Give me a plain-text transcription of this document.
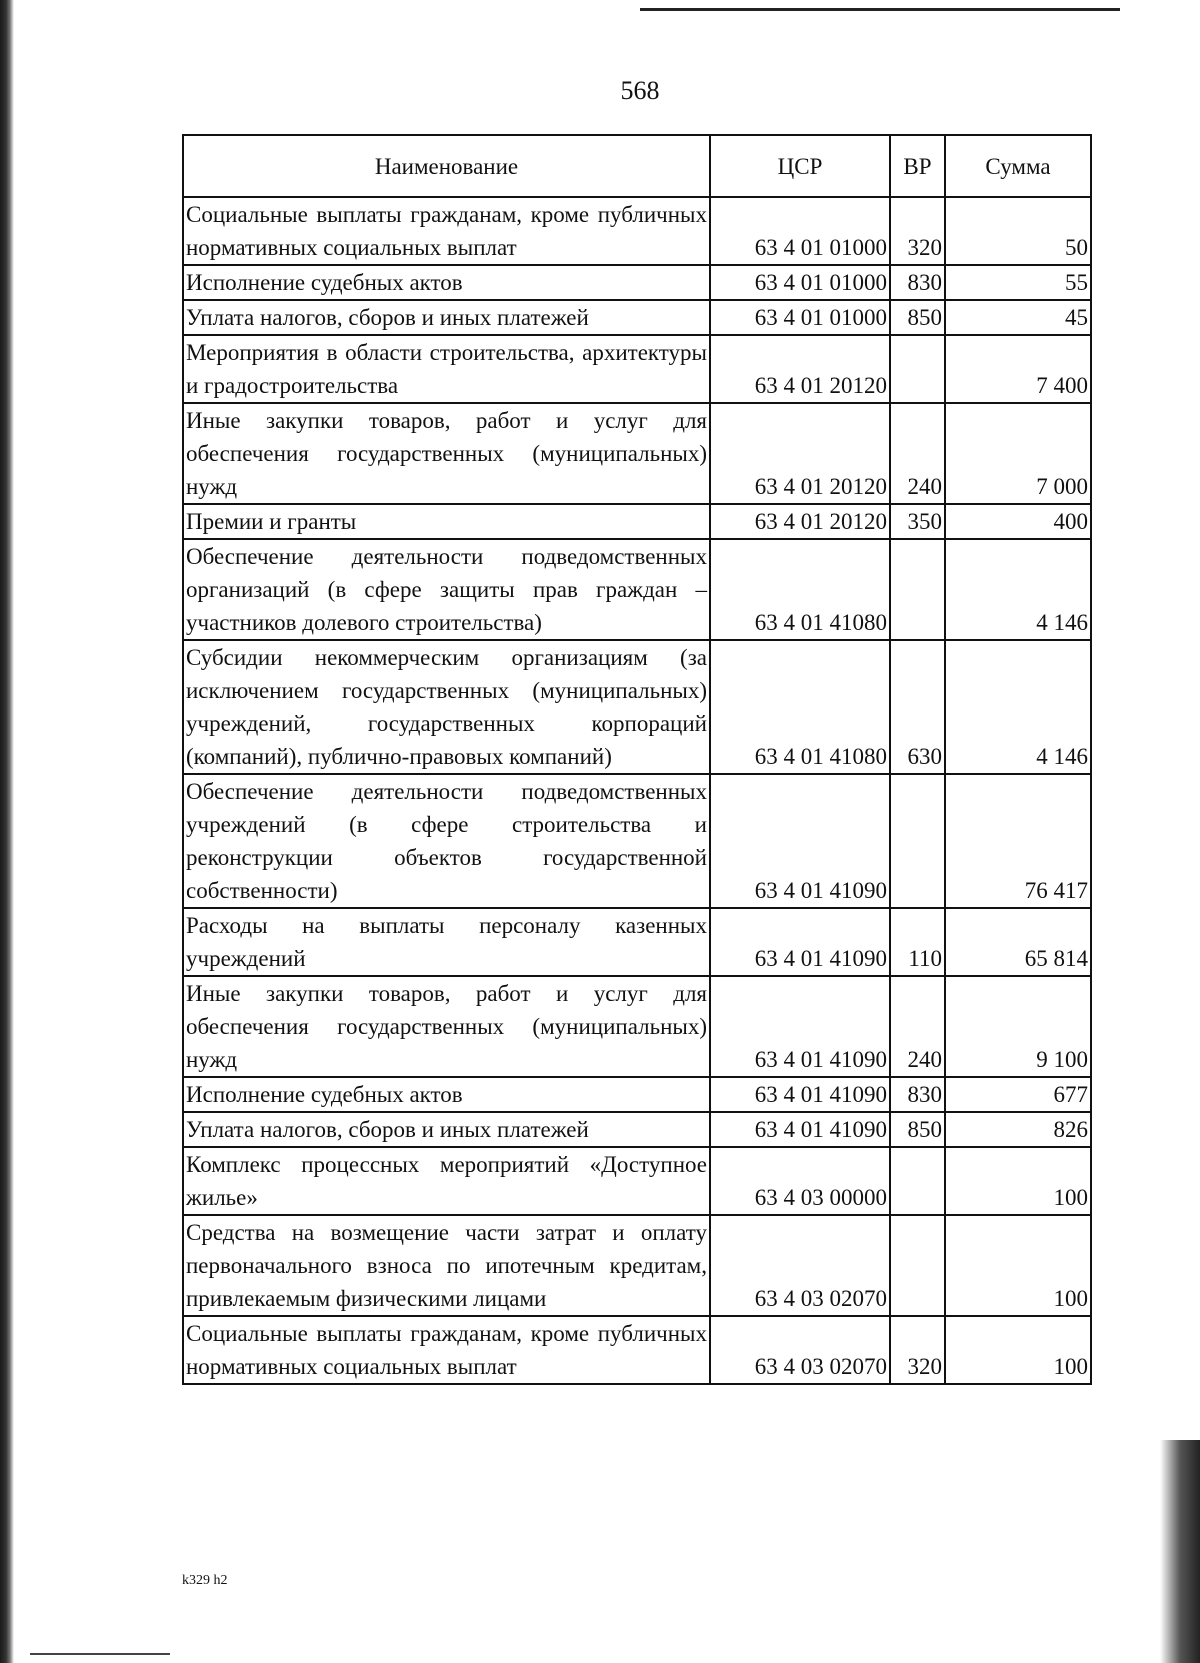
568
Наименование	ЦСР	ВР	Сумма
Социальные выплаты гражданам, кроме публичных нормативных социальных выплат	63 4 01 01000	320	50
Исполнение судебных актов	63 4 01 01000	830	55
Уплата налогов, сборов и иных платежей	63 4 01 01000	850	45
Мероприятия в области строительства, архитектуры и градостроительства	63 4 01 20120		7 400
Иные закупки товаров, работ и услуг для обеспечения государственных (муниципальных) нужд	63 4 01 20120	240	7 000
Премии и гранты	63 4 01 20120	350	400
Обеспечение деятельности подведомственных организаций (в сфере защиты прав граждан – участников долевого строительства)	63 4 01 41080		4 146
Субсидии некоммерческим организациям (за исключением государственных (муниципальных) учреждений, государственных корпораций (компаний), публично-правовых компаний)	63 4 01 41080	630	4 146
Обеспечение деятельности подведомственных учреждений (в сфере строительства и реконструкции объектов государственной собственности)	63 4 01 41090		76 417
Расходы на выплаты персоналу казенных учреждений	63 4 01 41090	110	65 814
Иные закупки товаров, работ и услуг для обеспечения государственных (муниципальных) нужд	63 4 01 41090	240	9 100
Исполнение судебных актов	63 4 01 41090	830	677
Уплата налогов, сборов и иных платежей	63 4 01 41090	850	826
Комплекс процессных мероприятий «Доступное жилье»	63 4 03 00000		100
Средства на возмещение части затрат и оплату первоначального взноса по ипотечным кредитам, привлекаемым физическими лицами	63 4 03 02070		100
Социальные выплаты гражданам, кроме публичных нормативных социальных выплат	63 4 03 02070	320	100
k329 h2
